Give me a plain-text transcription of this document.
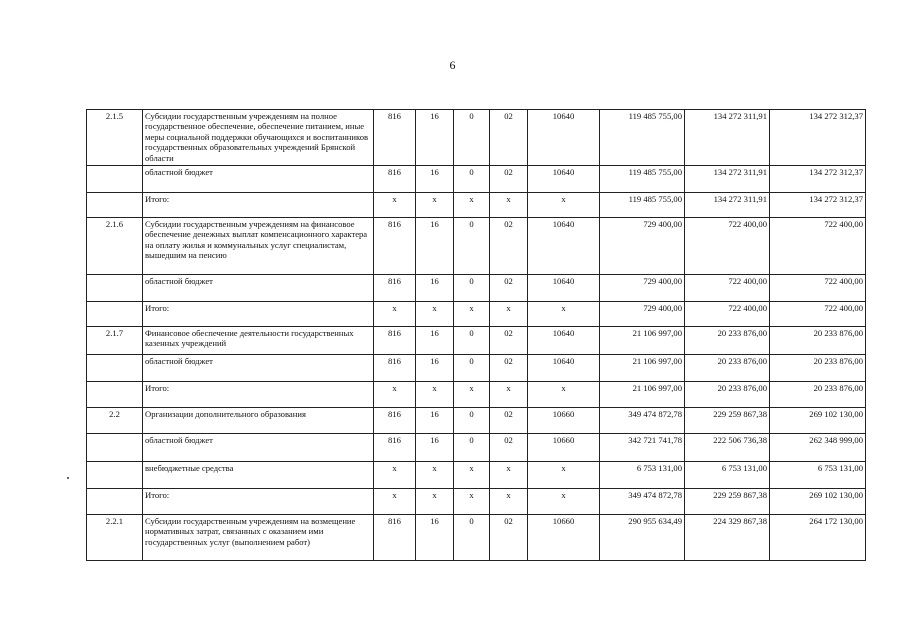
6
2.1.5	Субсидии государственным учреждениям на полное государственное обеспечение, обеспечение питанием, иные меры социальной поддержки обучающихся и воспитанников государственных образовательных учреждений Брянской области	816	16	0	02	10640	119 485 755,00	134 272 311,91	134 272 312,37
	областной бюджет	816	16	0	02	10640	119 485 755,00	134 272 311,91	134 272 312,37
	Итого:	х	х	х	х	х	119 485 755,00	134 272 311,91	134 272 312,37
2.1.6	Субсидии государственным учреждениям на финансовое обеспечение денежных выплат компенсационного характера на оплату жилья и коммунальных услуг специалистам, вышедшим на пенсию	816	16	0	02	10640	729 400,00	722 400,00	722 400,00
	областной бюджет	816	16	0	02	10640	729 400,00	722 400,00	722 400,00
	Итого:	х	х	х	х	х	729 400,00	722 400,00	722 400,00
2.1.7	Финансовое обеспечение деятельности государственных казенных учреждений	816	16	0	02	10640	21 106 997,00	20 233 876,00	20 233 876,00
	областной бюджет	816	16	0	02	10640	21 106 997,00	20 233 876,00	20 233 876,00
	Итого:	х	х	х	х	х	21 106 997,00	20 233 876,00	20 233 876,00
2.2	Организации дополнительного образования	816	16	0	02	10660	349 474 872,78	229 259 867,38	269 102 130,00
	областной бюджет	816	16	0	02	10660	342 721 741,78	222 506 736,38	262 348 999,00
	внебюджетные средства	х	х	х	х	х	6 753 131,00	6 753 131,00	6 753 131,00
	Итого:	х	х	х	х	х	349 474 872,78	229 259 867,38	269 102 130,00
2.2.1	Субсидии государственным учреждениям на возмещение нормативных затрат, связанных с оказанием ими государственных услуг (выполнением работ)	816	16	0	02	10660	290 955 634,49	224 329 867,38	264 172 130,00
